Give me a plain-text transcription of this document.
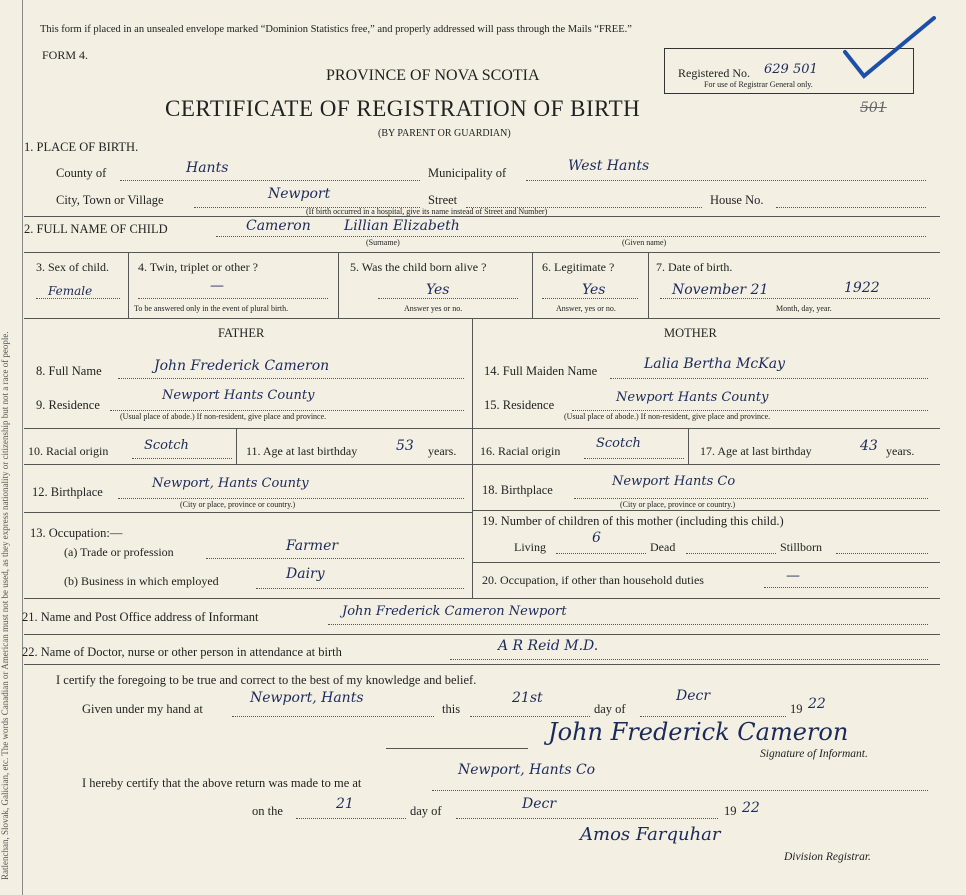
Ratlenchan, Slovak, Galician, etc. The words Canadian or American must not be used, as they express nationality or citizenship but not a race of people.
This form if placed in an unsealed envelope marked “Dominion Statistics free,” and properly addressed will pass through the Mails “FREE.”
FORM 4.
PROVINCE OF NOVA SCOTIA
CERTIFICATE OF REGISTRATION OF BIRTH
(BY PARENT OR GUARDIAN)
Registered No. 629 501
For use of Registrar General only.
501
1. PLACE OF BIRTH.
County of	Hants	Municipality of	West Hants
City, Town or Village	Newport	Street	House No.
(If birth occurred in a hospital, give its name instead of Street and Number)
2. FULL NAME OF CHILD	Cameron Lillian Elizabeth
(Surname)	(Given name)
3. Sex of child.
Female
4. Twin, triplet or other ?
—
To be answered only in the event of plural birth.
5. Was the child born alive ?
Yes
Answer yes or no.
6. Legitimate ?
Yes
Answer, yes or no.
7. Date of birth.
November 21	1922
Month, day, year.
FATHER	MOTHER
8. Full Name	John Frederick Cameron
9. Residence
Newport Hants County
(Usual place of abode.) If non-resident, give place and province.
10. Racial origin	Scotch	11. Age at last birthday	53 years.
12. Birthplace
Newport, Hants County
(City or place, province or country.)
13. Occupation:—
(a) Trade or profession	Farmer
(b) Business in which employed	Dairy
14. Full Maiden Name	Lalia Bertha McKay
15. Residence	Newport Hants County
(Usual place of abode.) If non-resident, give place and province.
16. Racial origin	Scotch	17. Age at last birthday	43 years.
18. Birthplace
Newport Hants Co
(City or place, province or country.)
19. Number of children of this mother (including this child.)
Living
6
Dead	Stillborn
20. Occupation, if other than household duties	—
21. Name and Post Office address of Informant	John Frederick Cameron Newport
22. Name of Doctor, nurse or other person in attendance at birth	A R Reid M.D.
I certify the foregoing to be true and correct to the best of my knowledge and belief.
Given under my hand at
Newport, Hants
this
21st
day of
Decr
19 22
John Frederick Cameron
Signature of Informant.
I hereby certify that the above return was made to me at
Newport, Hants Co
on the	21	day of	Decr	19 22
Amos Farquhar
Division Registrar.
